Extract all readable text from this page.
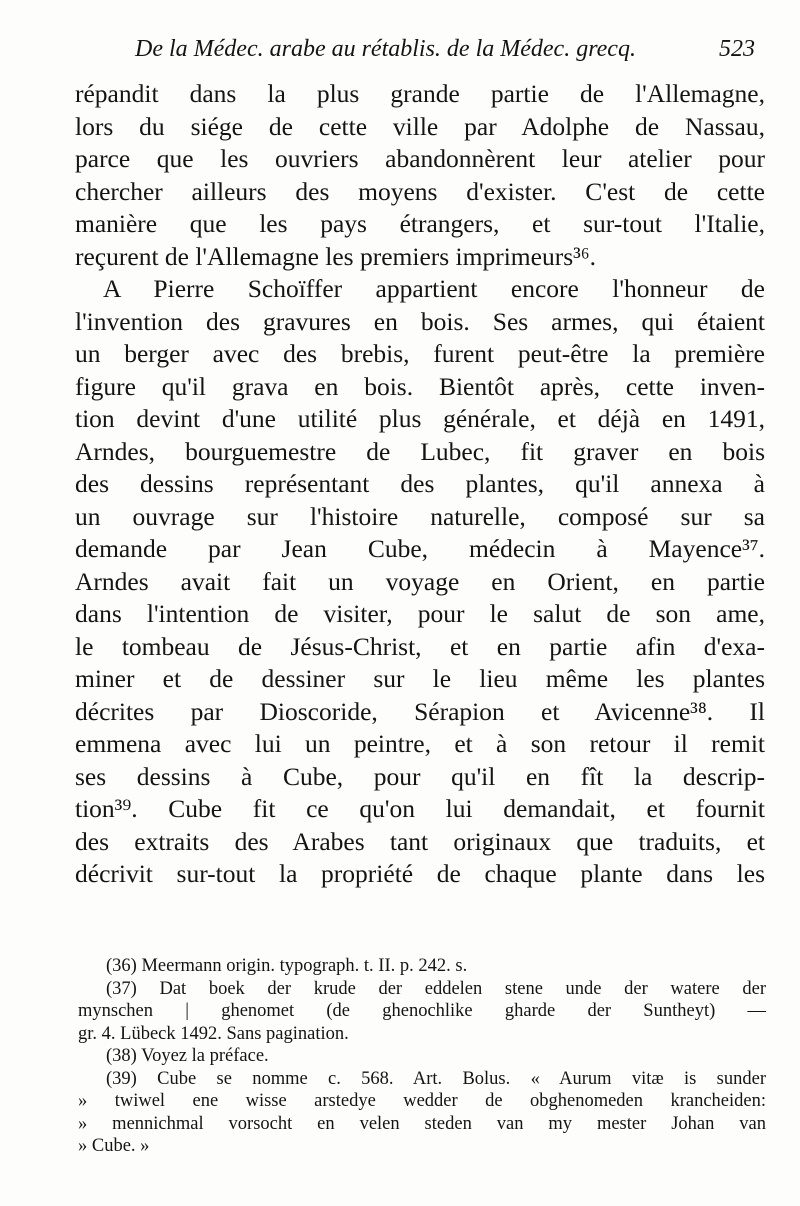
De la Médec. arabe au rétablis. de la Médec. grecq.	523
répandit dans la plus grande partie de l'Allemagne,
lors du siége de cette ville par Adolphe de Nassau,
parce que les ouvriers abandonnèrent leur atelier pour
chercher ailleurs des moyens d'exister. C'est de cette
manière que les pays étrangers, et sur-tout l'Italie,
reçurent de l'Allemagne les premiers imprimeurs³⁶.
A Pierre Schoïffer appartient encore l'honneur de
l'invention des gravures en bois. Ses armes, qui étaient
un berger avec des brebis, furent peut-être la première
figure qu'il grava en bois. Bientôt après, cette inven-
tion devint d'une utilité plus générale, et déjà en 1491,
Arndes, bourguemestre de Lubec, fit graver en bois
des dessins représentant des plantes, qu'il annexa à
un ouvrage sur l'histoire naturelle, composé sur sa
demande par Jean Cube, médecin à Mayence³⁷.
Arndes avait fait un voyage en Orient, en partie
dans l'intention de visiter, pour le salut de son ame,
le tombeau de Jésus-Christ, et en partie afin d'exa-
miner et de dessiner sur le lieu même les plantes
décrites par Dioscoride, Sérapion et Avicenne³⁸. Il
emmena avec lui un peintre, et à son retour il remit
ses dessins à Cube, pour qu'il en fît la descrip-
tion³⁹. Cube fit ce qu'on lui demandait, et fournit
des extraits des Arabes tant originaux que traduits, et
décrivit sur-tout la propriété de chaque plante dans les
(36) Meermann origin. typograph. t. II. p. 242. s.
(37) Dat boek der krude der eddelen stene unde der watere der
mynschen | ghenomet (de ghenochlike gharde der Suntheyt) —
gr. 4. Lübeck 1492. Sans pagination.
(38) Voyez la préface.
(39) Cube se nomme c. 568. Art. Bolus. « Aurum vitæ is sunder
» twiwel ene wisse arstedye wedder de obghenomeden krancheiden:
» mennichmal vorsocht en velen steden van my mester Johan van
» Cube. »
